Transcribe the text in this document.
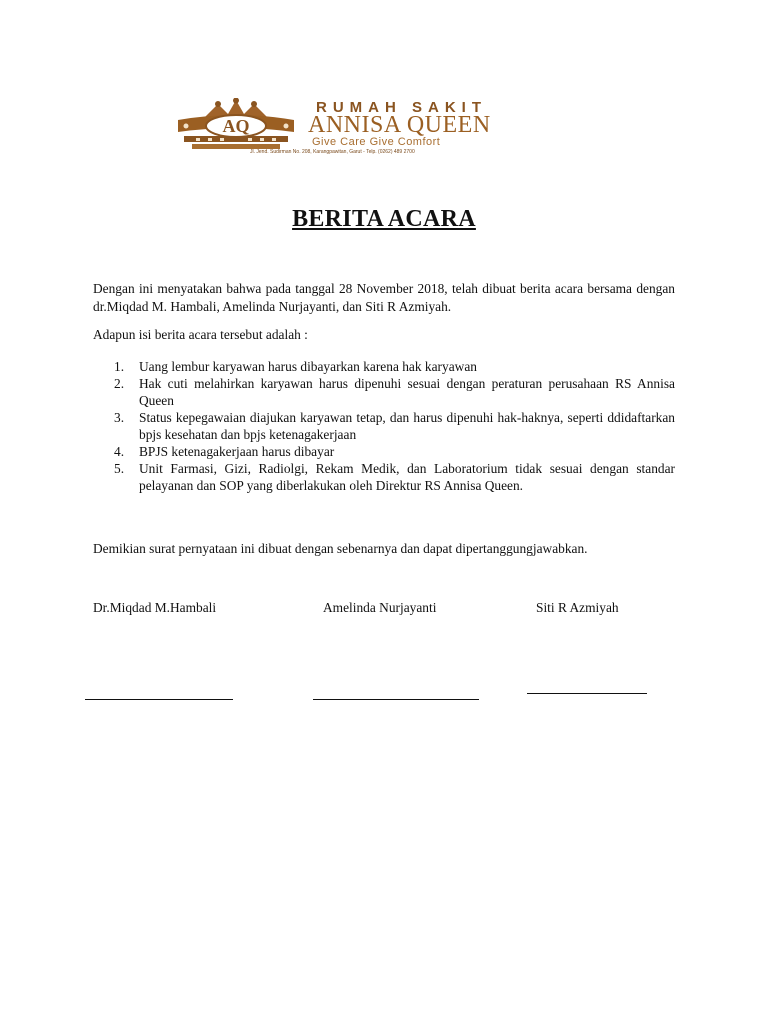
AQ
RUMAH SAKIT
ANNISA QUEEN
Give Care Give Comfort
Jl. Jend. Sudirman No. 208, Karangpawitan, Garut - Telp. (0262) 489 2700
BERITA ACARA

Dengan ini menyatakan bahwa pada tanggal 28 November 2018, telah dibuat berita acara bersama dengan dr.Miqdad M. Hambali, Amelinda Nurjayanti, dan Siti R Azmiyah.

Adapun isi berita acara tersebut adalah :

1. Uang lembur karyawan harus dibayarkan karena hak karyawan
2. Hak cuti melahirkan karyawan harus dipenuhi sesuai dengan peraturan perusahaan RS Annisa Queen
3. Status kepegawaian diajukan karyawan tetap, dan harus dipenuhi hak-haknya, seperti ddidaftarkan bpjs kesehatan dan bpjs ketenagakerjaan
4. BPJS ketenagakerjaan harus dibayar
5. Unit Farmasi, Gizi, Radiolgi, Rekam Medik, dan Laboratorium tidak sesuai dengan standar pelayanan dan SOP yang diberlakukan oleh Direktur RS Annisa Queen.

Demikian surat pernyataan ini dibuat dengan sebenarnya dan dapat dipertanggungjawabkan.

Dr.Miqdad M.Hambali	Amelinda Nurjayanti	Siti R Azmiyah
